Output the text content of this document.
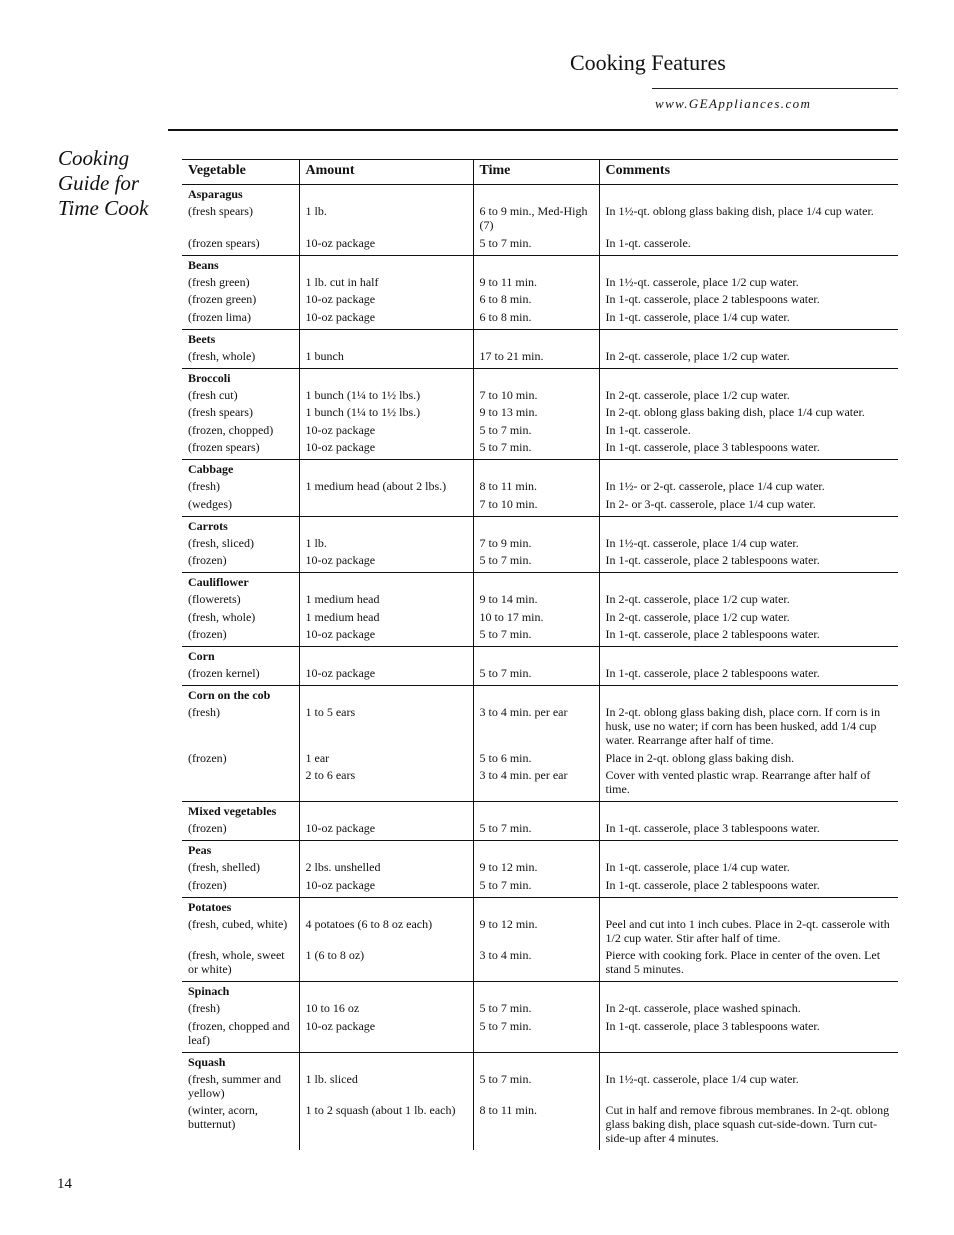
Cooking Features
www.GEAppliances.com
Cooking Guide for Time Cook
Vegetable	Amount	Time	Comments
Asparagus			
(fresh spears)	1 lb.	6 to 9 min., Med-High (7)	In 1½-qt. oblong glass baking dish, place 1/4 cup water.
(frozen spears)	10-oz package	5 to 7 min.	In 1-qt. casserole.
Beans			
(fresh green)	1 lb. cut in half	9 to 11 min.	In 1½-qt. casserole, place 1/2 cup water.
(frozen green)	10-oz package	6 to 8 min.	In 1-qt. casserole, place 2 tablespoons water.
(frozen lima)	10-oz package	6 to 8 min.	In 1-qt. casserole, place 1/4 cup water.
Beets			
(fresh, whole)	1 bunch	17 to 21 min.	In 2-qt. casserole, place 1/2 cup water.
Broccoli			
(fresh cut)	1 bunch (1¼ to 1½ lbs.)	7 to 10 min.	In 2-qt. casserole, place 1/2 cup water.
(fresh spears)	1 bunch (1¼ to 1½ lbs.)	9 to 13 min.	In 2-qt. oblong glass baking dish, place 1/4 cup water.
(frozen, chopped)	10-oz package	5 to 7 min.	In 1-qt. casserole.
(frozen spears)	10-oz package	5 to 7 min.	In 1-qt. casserole, place 3 tablespoons water.
Cabbage			
(fresh)	1 medium head (about 2 lbs.)	8 to 11 min.	In 1½- or 2-qt. casserole, place 1/4 cup water.
(wedges)		7 to 10 min.	In 2- or 3-qt. casserole, place 1/4 cup water.
Carrots			
(fresh, sliced)	1 lb.	7 to 9 min.	In 1½-qt. casserole, place 1/4 cup water.
(frozen)	10-oz package	5 to 7 min.	In 1-qt. casserole, place 2 tablespoons water.
Cauliflower			
(flowerets)	1 medium head	9 to 14 min.	In 2-qt. casserole, place 1/2 cup water.
(fresh, whole)	1 medium head	10 to 17 min.	In 2-qt. casserole, place 1/2 cup water.
(frozen)	10-oz package	5 to 7 min.	In 1-qt. casserole, place 2 tablespoons water.
Corn			
(frozen kernel)	10-oz package	5 to 7 min.	In 1-qt. casserole, place 2 tablespoons water.
Corn on the cob			
(fresh)	1 to 5 ears	3 to 4 min. per ear	In 2-qt. oblong glass baking dish, place corn. If corn is in husk, use no water; if corn has been husked, add 1/4 cup water. Rearrange after half of time.
(frozen)	1 ear	5 to 6 min.	Place in 2-qt. oblong glass baking dish.
	2 to 6 ears	3 to 4 min. per ear	Cover with vented plastic wrap. Rearrange after half of time.
Mixed vegetables			
(frozen)	10-oz package	5 to 7 min.	In 1-qt. casserole, place 3 tablespoons water.
Peas			
(fresh, shelled)	2 lbs. unshelled	9 to 12 min.	In 1-qt. casserole, place 1/4 cup water.
(frozen)	10-oz package	5 to 7 min.	In 1-qt. casserole, place 2 tablespoons water.
Potatoes			
(fresh, cubed, white)	4 potatoes (6 to 8 oz each)	9 to 12 min.	Peel and cut into 1 inch cubes. Place in 2-qt. casserole with 1/2 cup water. Stir after half of time.
(fresh, whole, sweet or white)	1 (6 to 8 oz)	3 to 4 min.	Pierce with cooking fork. Place in center of the oven. Let stand 5 minutes.
Spinach			
(fresh)	10 to 16 oz	5 to 7 min.	In 2-qt. casserole, place washed spinach.
(frozen, chopped and leaf)	10-oz package	5 to 7 min.	In 1-qt. casserole, place 3 tablespoons water.
Squash			
(fresh, summer and yellow)	1 lb. sliced	5 to 7 min.	In 1½-qt. casserole, place 1/4 cup water.
(winter, acorn, butternut)	1 to 2 squash (about 1 lb. each)	8 to 11 min.	Cut in half and remove fibrous membranes. In 2-qt. oblong glass baking dish, place squash cut-side-down. Turn cut-side-up after 4 minutes.
14
